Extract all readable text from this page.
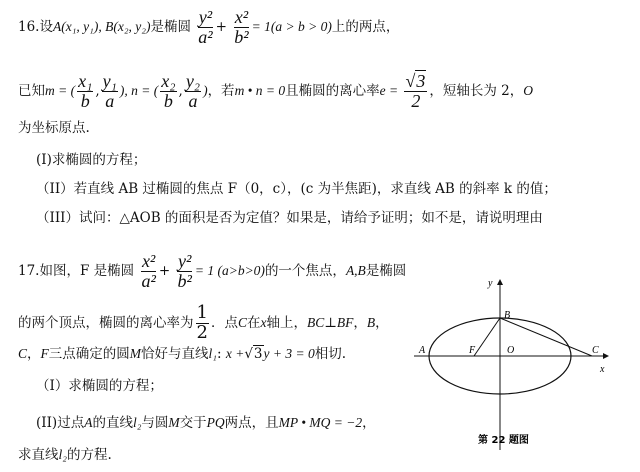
16.设A(x₁, y₁), B(x₂, y₂)是椭圆 $\frac{\text{y²}}{\text{a²}} + \frac{\text{x²}}{\text{b²}} = 1(a > b > 0)$上的两点，
已知m = ( $\frac{\text{x₁}}{b}$ , $\frac{\text{y₁}}{a}$ ), n = ( $\frac{\text{x₂}}{b}$ , $\frac{\text{y₂}}{a}$ )，若m • n = 0且椭圆的离心率$e = \frac{√3}{2}$ ，短轴长为 2，O
为坐标原点.
(I)求椭圆的方程；
（II）若直线 AB 过椭圆的焦点 F（0，c），(c 为半焦距)，求直线 AB 的斜率 k 的值；
（III）试问：△AOB 的面积是否为定值？如果是，请给予证明；如不是，请说明理由
17.如图，F 是椭圆 $\frac{\text{x²}}{\text{a²}} + \frac{\text{y²}}{\text{b²}} = 1$ (a>b>0)的一个焦点，A,B是椭圆
的两个顶点，椭圆的离心率为 $\frac{1}{2}$ ．点C在x轴上，BC⊥BF，B，
C，F三点确定的圆M恰好与直线l₁: x +√3y + 3 = 0相切.
（I）求椭圆的方程；
(II)过点A的直线l₂与圆M交于PQ两点，且MP • MQ = −2，
求直线l₂的方程.
y
x
A	F	O
B
C
第 22 题图
